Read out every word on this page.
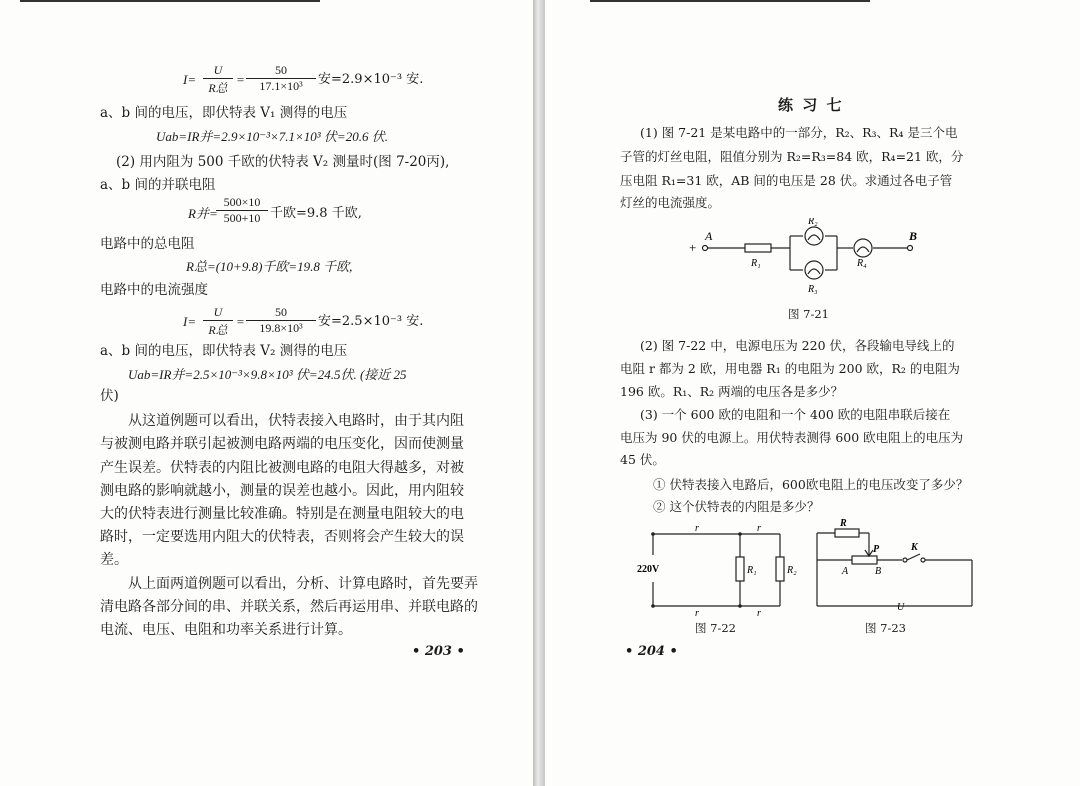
I=
U
R总
= $\frac{50}{\text{17.1×10³}}$ 安=2.9×10⁻³ 安.
a、b 间的电压，即伏特表 V₁ 测得的电压
Uab=IR并=2.9×10⁻³×7.1×10³ 伏=20.6 伏.
(2) 用内阻为 500 千欧的伏特表 V₂ 测量时(图 7-20丙),
a、b 间的并联电阻
R并=
$\frac{500\times 10}{500+10}$ 千欧=9.8 千欧,
电路中的总电阻
R总=(10+9.8)千欧=19.8 千欧,
电路中的电流强度
I=
U
R总
= $\frac{50}{\text{19.8×10³}}$ 安=2.5×10⁻³ 安.
a、b 间的电压，即伏特表 V₂ 测得的电压
Uab=IR并=2.5×10⁻³×9.8×10³ 伏=24.5伏. (接近 25
伏)
从这道例题可以看出，伏特表接入电路时，由于其内阻
与被测电路并联引起被测电路两端的电压变化，因而使测量
产生误差。伏特表的内阻比被测电路的电阻大得越多，对被
测电路的影响就越小，测量的误差也越小。因此，用内阻较
大的伏特表进行测量比较准确。特别是在测量电阻较大的电
路时，一定要选用内阻大的伏特表，否则将会产生较大的误
差。
从上面两道例题可以看出，分析、计算电路时，首先要弄
清电路各部分间的串、并联关系，然后再运用串、并联电路的
电流、电压、电阻和功率关系进行计算。
• 203 •
练 习 七
(1) 图 7-21 是某电路中的一部分，R₂、R₃、R₄ 是三个电
子管的灯丝电阻，阻值分别为 R₂=R₃=84 欧，R₄=21 欧，分
压电阻 R₁=31 欧，AB 间的电压是 28 伏。求通过各电子管
灯丝的电流强度。
+
A	B
R₁
R₂
R₃
R₄
图 7-21
(2) 图 7-22 中，电源电压为 220 伏，各段输电导线上的
电阻 r 都为 2 欧，用电器 R₁ 的电阻为 200 欧，R₂ 的电阻为
196 欧。R₁、R₂ 两端的电压各是多少？
(3) 一个 600 欧的电阻和一个 400 欧的电阻串联后接在
电压为 90 伏的电源上。用伏特表测得 600 欧电阻上的电压为
45 伏。
① 伏特表接入电路后，600欧电阻上的电压改变了多少？
② 这个伏特表的内阻是多少？
220V
r	r
r	r
R₁	R₂
图 7-22
R
P
A	B
K
U
图 7-23
• 204 •
